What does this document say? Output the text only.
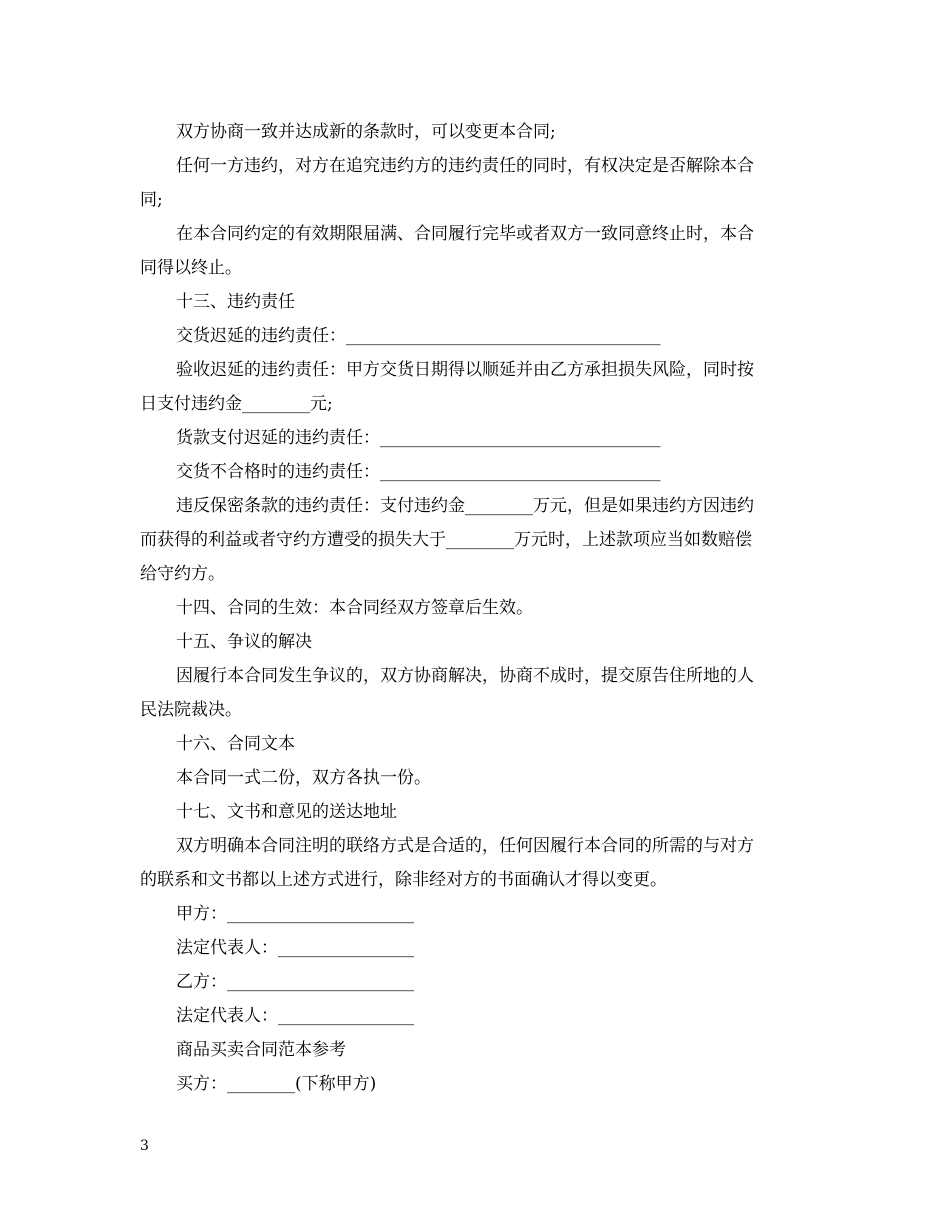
双方协商一致并达成新的条款时，可以变更本合同;
任何一方违约，对方在追究违约方的违约责任的同时，有权决定是否解除本合
同;
在本合同约定的有效期限届满、合同履行完毕或者双方一致同意终止时，本合
同得以终止。
十三、违约责任
交货迟延的违约责任：_____________________________________
验收迟延的违约责任：甲方交货日期得以顺延并由乙方承担损失风险，同时按
日支付违约金________元;
货款支付迟延的违约责任：_________________________________
交货不合格时的违约责任：_________________________________
违反保密条款的违约责任：支付违约金________万元，但是如果违约方因违约
而获得的利益或者守约方遭受的损失大于________万元时，上述款项应当如数赔偿
给守约方。
十四、合同的生效：本合同经双方签章后生效。
十五、争议的解决
因履行本合同发生争议的，双方协商解决，协商不成时，提交原告住所地的人
民法院裁决。
十六、合同文本
本合同一式二份，双方各执一份。
十七、文书和意见的送达地址
双方明确本合同注明的联络方式是合适的，任何因履行本合同的所需的与对方
的联系和文书都以上述方式进行，除非经对方的书面确认才得以变更。
甲方：______________________
法定代表人：________________
乙方：______________________
法定代表人：________________
商品买卖合同范本参考
买方：________(下称甲方)
3
